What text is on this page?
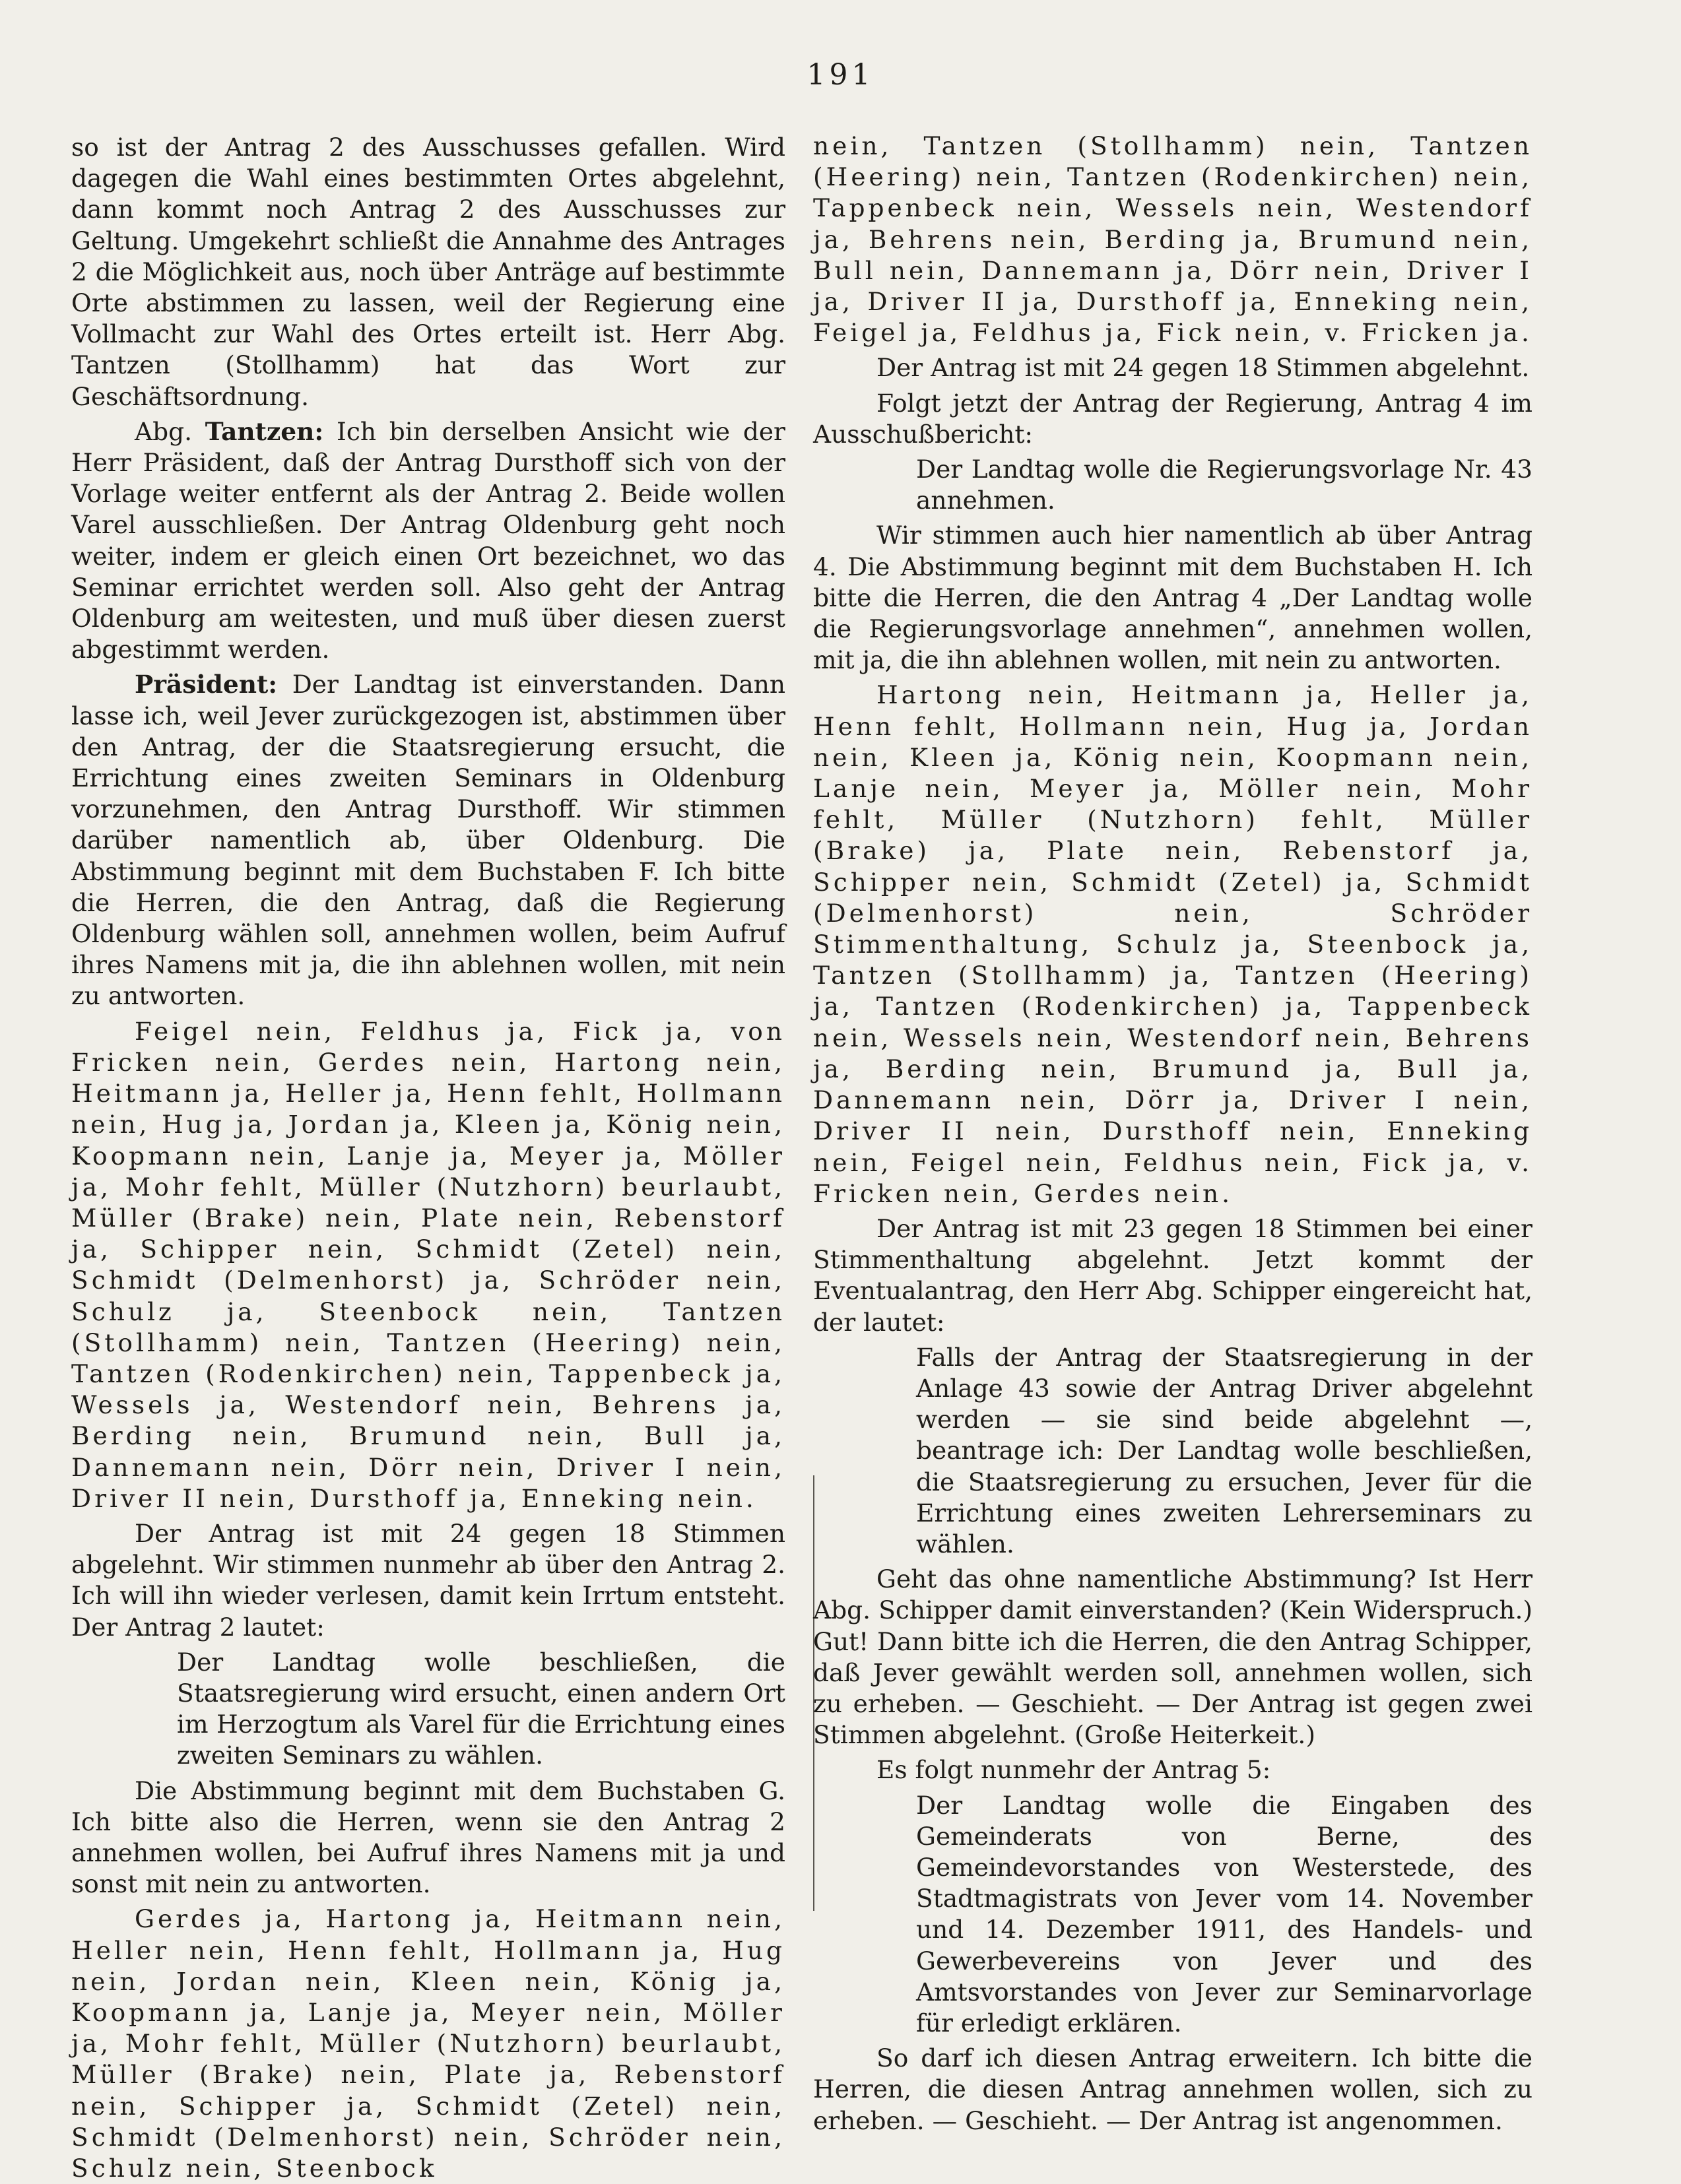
191

so ist der Antrag 2 des Ausschusses gefallen. Wird dagegen die Wahl eines bestimmten Ortes abgelehnt, dann kommt noch Antrag 2 des Ausschusses zur Geltung. Umgekehrt schließt die Annahme des Antrages 2 die Möglichkeit aus, noch über Anträge auf bestimmte Orte abstimmen zu lassen, weil der Regierung eine Vollmacht zur Wahl des Ortes erteilt ist. Herr Abg. Tantzen (Stollhamm) hat das Wort zur Geschäftsordnung.

Abg. Tantzen: Ich bin derselben Ansicht wie der Herr Präsident, daß der Antrag Dursthoff sich von der Vorlage weiter entfernt als der Antrag 2. Beide wollen Varel ausschließen. Der Antrag Oldenburg geht noch weiter, indem er gleich einen Ort bezeichnet, wo das Seminar errichtet werden soll. Also geht der Antrag Oldenburg am weitesten, und muß über diesen zuerst abgestimmt werden.

Präsident: Der Landtag ist einverstanden. Dann lasse ich, weil Jever zurückgezogen ist, abstimmen über den Antrag, der die Staatsregierung ersucht, die Errichtung eines zweiten Seminars in Oldenburg vorzunehmen, den Antrag Dursthoff. Wir stimmen darüber namentlich ab, über Oldenburg. Die Abstimmung beginnt mit dem Buchstaben F. Ich bitte die Herren, die den Antrag, daß die Regierung Oldenburg wählen soll, annehmen wollen, beim Aufruf ihres Namens mit ja, die ihn ablehnen wollen, mit nein zu antworten.

Feigel nein, Feldhus ja, Fick ja, von Fricken nein, Gerdes nein, Hartong nein, Heitmann ja, Heller ja, Henn fehlt, Hollmann nein, Hug ja, Jordan ja, Kleen ja, König nein, Koopmann nein, Lanje ja, Meyer ja, Möller ja, Mohr fehlt, Müller (Nutzhorn) beurlaubt, Müller (Brake) nein, Plate nein, Rebenstorf ja, Schipper nein, Schmidt (Zetel) nein, Schmidt (Delmenhorst) ja, Schröder nein, Schulz ja, Steenbock nein, Tantzen (Stollhamm) nein, Tantzen (Heering) nein, Tantzen (Rodenkirchen) nein, Tappenbeck ja, Wessels ja, Westendorf nein, Behrens ja, Berding nein, Brumund nein, Bull ja, Dannemann nein, Dörr nein, Driver I nein, Driver II nein, Dursthoff ja, Enneking nein.

Der Antrag ist mit 24 gegen 18 Stimmen abgelehnt. Wir stimmen nunmehr ab über den Antrag 2. Ich will ihn wieder verlesen, damit kein Irrtum entsteht. Der Antrag 2 lautet:

Der Landtag wolle beschließen, die Staatsregierung wird ersucht, einen andern Ort im Herzogtum als Varel für die Errichtung eines zweiten Seminars zu wählen.

Die Abstimmung beginnt mit dem Buchstaben G. Ich bitte also die Herren, wenn sie den Antrag 2 annehmen wollen, bei Aufruf ihres Namens mit ja und sonst mit nein zu antworten.

Gerdes ja, Hartong ja, Heitmann nein, Heller nein, Henn fehlt, Hollmann ja, Hug nein, Jordan nein, Kleen nein, König ja, Koopmann ja, Lanje ja, Meyer nein, Möller ja, Mohr fehlt, Müller (Nutzhorn) beurlaubt, Müller (Brake) nein, Plate ja, Rebenstorf nein, Schipper ja, Schmidt (Zetel) nein, Schmidt (Delmenhorst) nein, Schröder nein, Schulz nein, Steenbock

nein, Tantzen (Stollhamm) nein, Tantzen (Heering) nein, Tantzen (Rodenkirchen) nein, Tappenbeck nein, Wessels nein, Westendorf ja, Behrens nein, Berding ja, Brumund nein, Bull nein, Dannemann ja, Dörr nein, Driver I ja, Driver II ja, Dursthoff ja, Enneking nein, Feigel ja, Feldhus ja, Fick nein, v. Fricken ja.

Der Antrag ist mit 24 gegen 18 Stimmen abgelehnt.

Folgt jetzt der Antrag der Regierung, Antrag 4 im Ausschußbericht:

Der Landtag wolle die Regierungsvorlage Nr. 43 annehmen.

Wir stimmen auch hier namentlich ab über Antrag 4. Die Abstimmung beginnt mit dem Buchstaben H. Ich bitte die Herren, die den Antrag 4 „Der Landtag wolle die Regierungsvorlage annehmen“, annehmen wollen, mit ja, die ihn ablehnen wollen, mit nein zu antworten.

Hartong nein, Heitmann ja, Heller ja, Henn fehlt, Hollmann nein, Hug ja, Jordan nein, Kleen ja, König nein, Koopmann nein, Lanje nein, Meyer ja, Möller nein, Mohr fehlt, Müller (Nutzhorn) fehlt, Müller (Brake) ja, Plate nein, Rebenstorf ja, Schipper nein, Schmidt (Zetel) ja, Schmidt (Delmenhorst) nein, Schröder Stimmenthaltung, Schulz ja, Steenbock ja, Tantzen (Stollhamm) ja, Tantzen (Heering) ja, Tantzen (Rodenkirchen) ja, Tappenbeck nein, Wessels nein, Westendorf nein, Behrens ja, Berding nein, Brumund ja, Bull ja, Dannemann nein, Dörr ja, Driver I nein, Driver II nein, Dursthoff nein, Enneking nein, Feigel nein, Feldhus nein, Fick ja, v. Fricken nein, Gerdes nein.

Der Antrag ist mit 23 gegen 18 Stimmen bei einer Stimmenthaltung abgelehnt. Jetzt kommt der Eventualantrag, den Herr Abg. Schipper eingereicht hat, der lautet:

Falls der Antrag der Staatsregierung in der Anlage 43 sowie der Antrag Driver abgelehnt werden — sie sind beide abgelehnt —, beantrage ich: Der Landtag wolle beschließen, die Staatsregierung zu ersuchen, Jever für die Errichtung eines zweiten Lehrerseminars zu wählen.

Geht das ohne namentliche Abstimmung? Ist Herr Abg. Schipper damit einverstanden? (Kein Widerspruch.) Gut! Dann bitte ich die Herren, die den Antrag Schipper, daß Jever gewählt werden soll, annehmen wollen, sich zu erheben. — Geschieht. — Der Antrag ist gegen zwei Stimmen abgelehnt. (Große Heiterkeit.)

Es folgt nunmehr der Antrag 5:

Der Landtag wolle die Eingaben des Gemeinderats von Berne, des Gemeindevorstandes von Westerstede, des Stadtmagistrats von Jever vom 14. November und 14. Dezember 1911, des Handels- und Gewerbevereins von Jever und des Amtsvorstandes von Jever zur Seminarvorlage für erledigt erklären.

So darf ich diesen Antrag erweitern. Ich bitte die Herren, die diesen Antrag annehmen wollen, sich zu erheben. — Geschieht. — Der Antrag ist angenommen.
